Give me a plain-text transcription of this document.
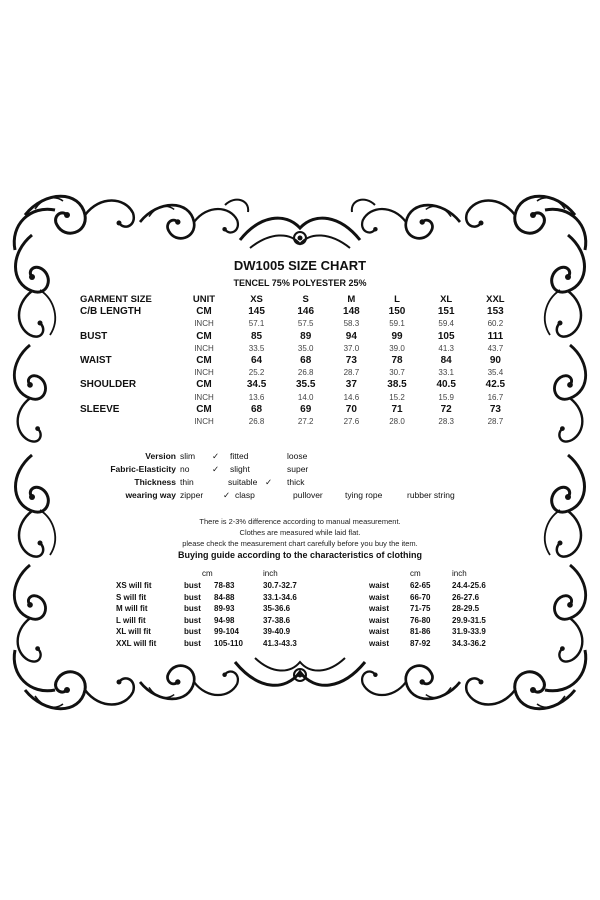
DW1005 SIZE CHART
TENCEL 75% POLYESTER 25%
GARMENT SIZE	UNIT	XS	S	M	L	XL	XXL
C/B LENGTH	CM	145	146	148	150	151	153
	INCH	57.1	57.5	58.3	59.1	59.4	60.2
BUST	CM	85	89	94	99	105	111
	INCH	33.5	35.0	37.0	39.0	41.3	43.7
WAIST	CM	64	68	73	78	84	90
	INCH	25.2	26.8	28.7	30.7	33.1	35.4
SHOULDER	CM	34.5	35.5	37	38.5	40.5	42.5
	INCH	13.6	14.0	14.6	15.2	15.9	16.7
SLEEVE	CM	68	69	70	71	72	73
	INCH	26.8	27.2	27.6	28.0	28.3	28.7
Version slim ✓ fitted	loose
Fabric-Elasticity no	✓ slight	super
Thickness thin	suitable ✓ thick
wearing way zipper ✓ clasp	pullover	tying rope	rubber string
There is 2-3% difference according to manual measurement.
Clothes are measured while laid flat.
please check the measurement chart carefully before you buy the item.
Buying guide according to the characteristics of clothing
cm	inch	cm	inch
XS will fit	bust 78-83	30.7-32.7	waist	62-65	24.4-25.6
S will fit	bust 84-88	33.1-34.6	waist	66-70	26-27.6
M will fit	bust 89-93	35-36.6	waist	71-75	28-29.5
L will fit	bust 94-98	37-38.6	waist	76-80	29.9-31.5
XL will fit	bust 99-104	39-40.9	waist	81-86	31.9-33.9
XXL will fit	bust 105-110	41.3-43.3	waist	87-92	34.3-36.2
